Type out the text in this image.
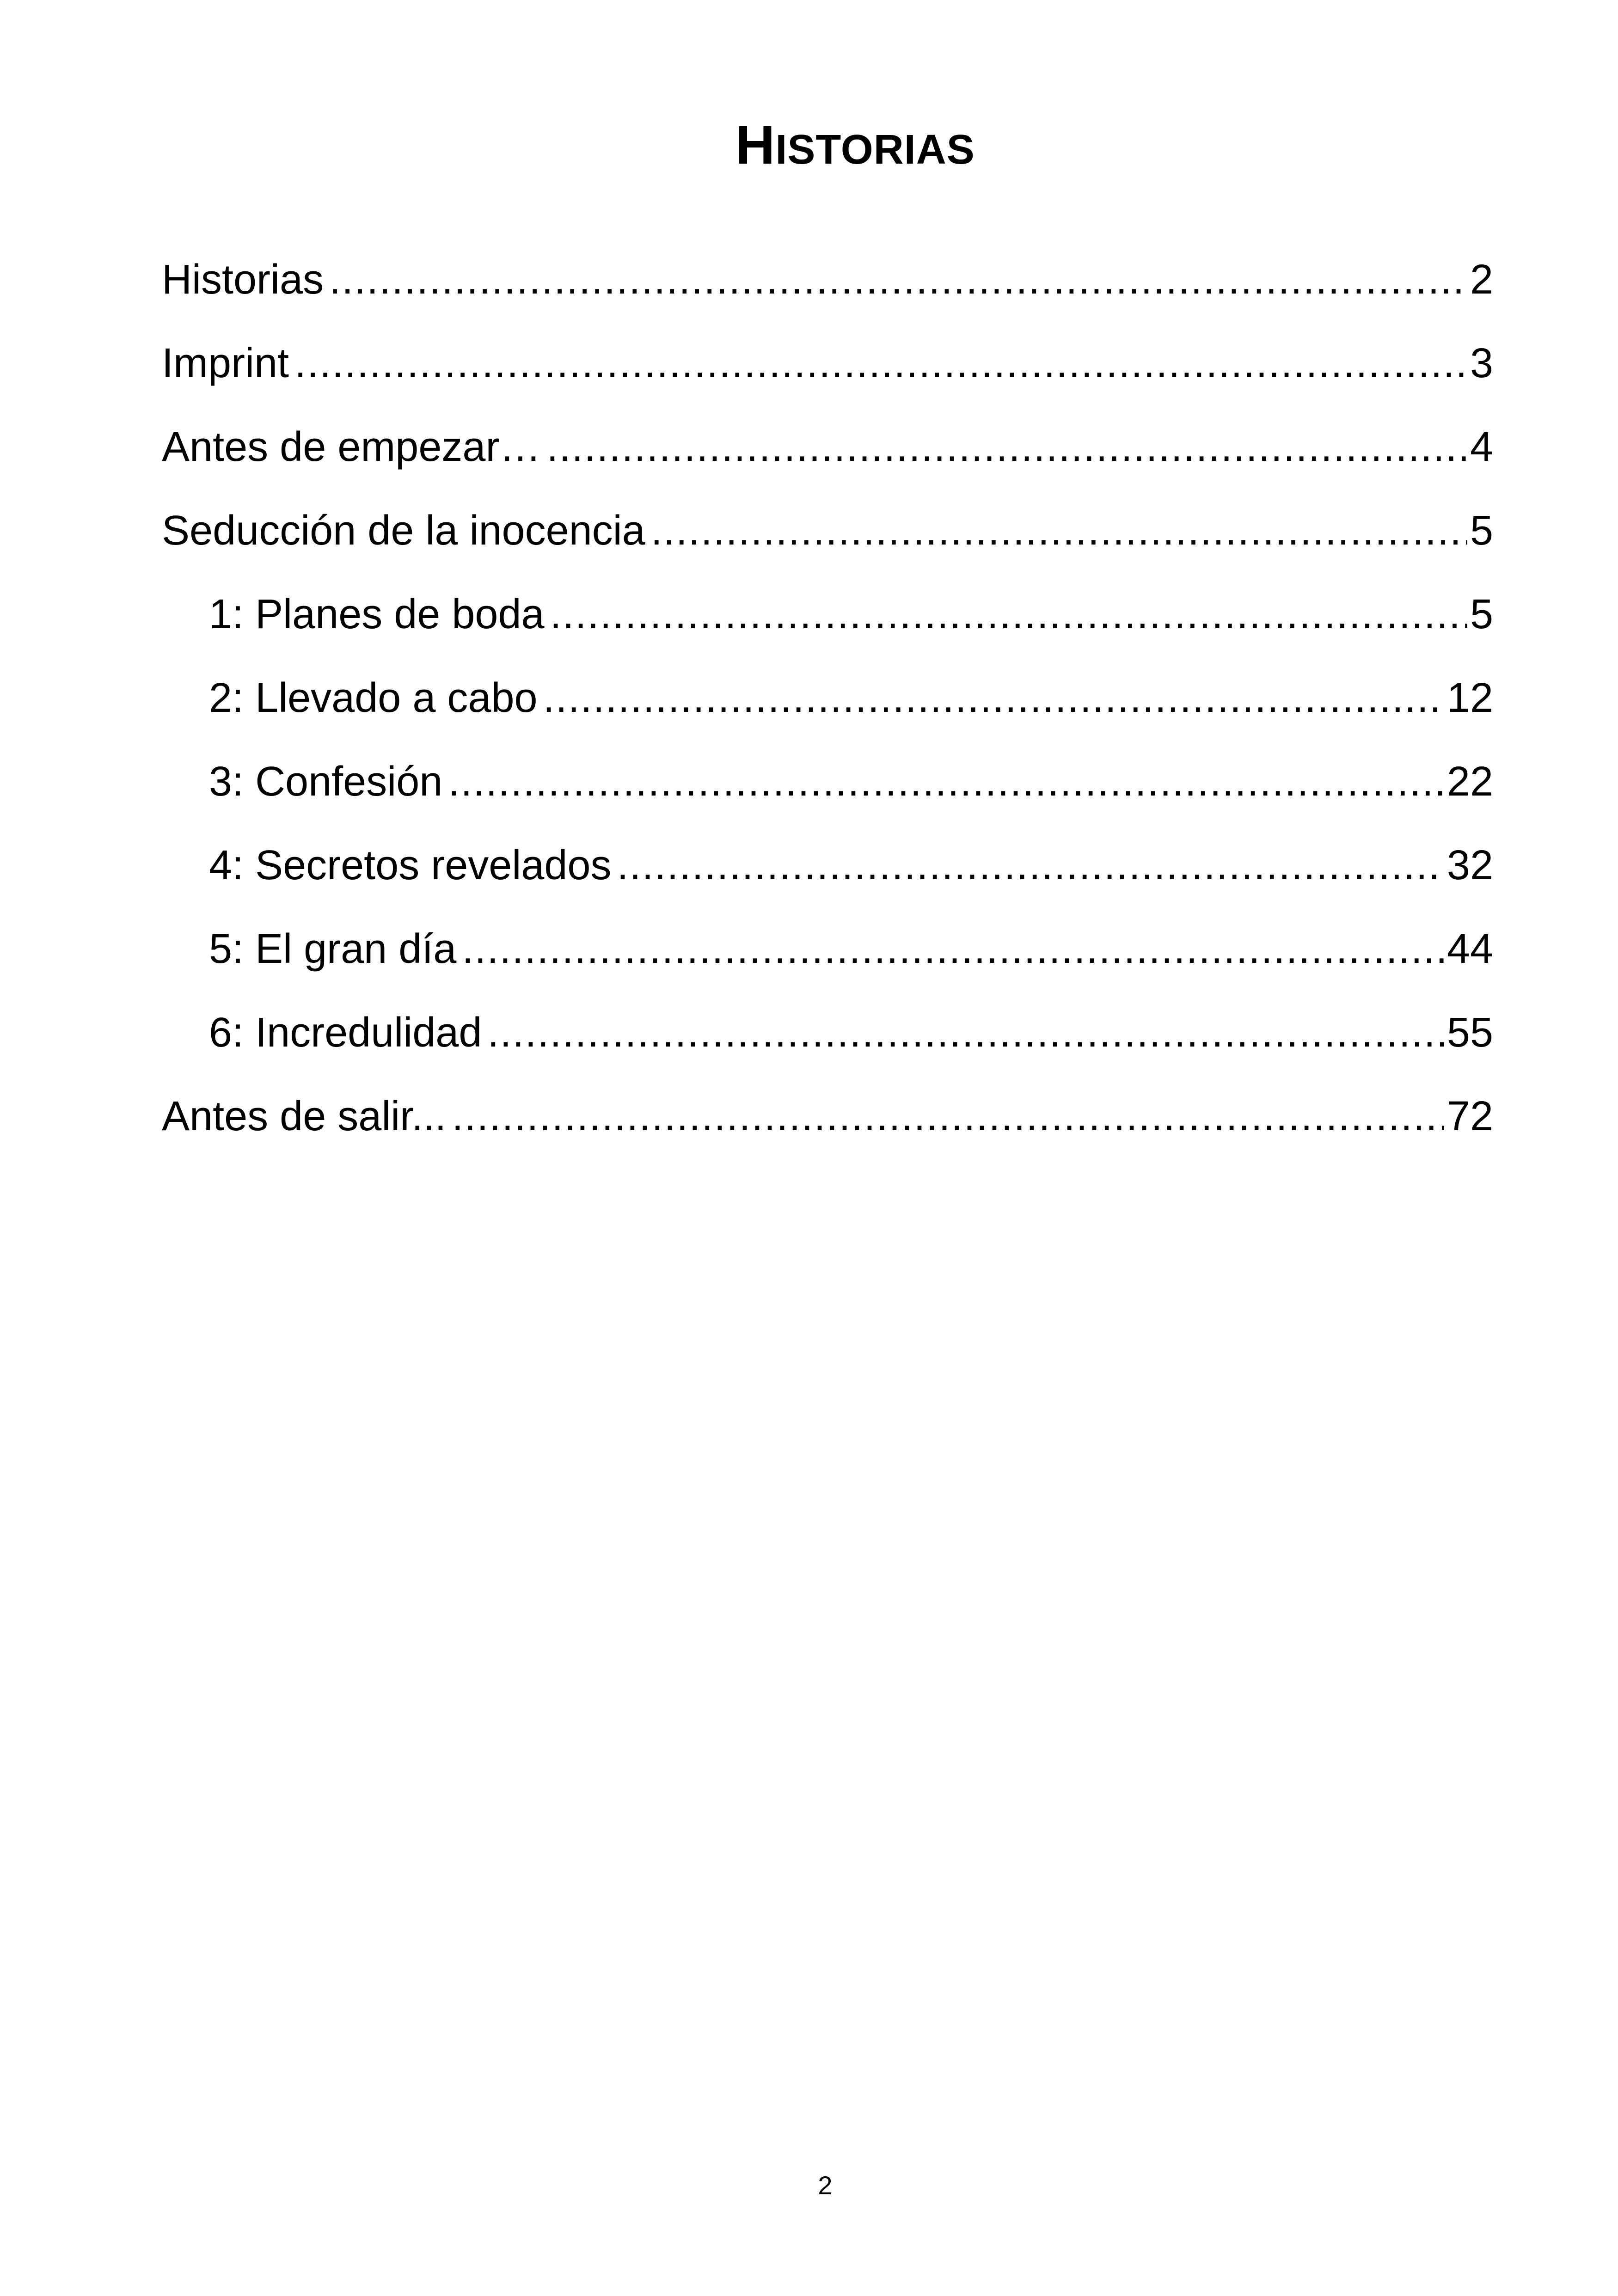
HISTORIAS
Historias .....	2
Imprint .....	3
Antes de empezar… .....	4
Seducción de la inocencia .....	5
1: Planes de boda .....	5
2: Llevado a cabo .....	12
3: Confesión .....	22
4: Secretos revelados .....	32
5: El gran día .....	44
6: Incredulidad .....	55
Antes de salir... .....	72
2
